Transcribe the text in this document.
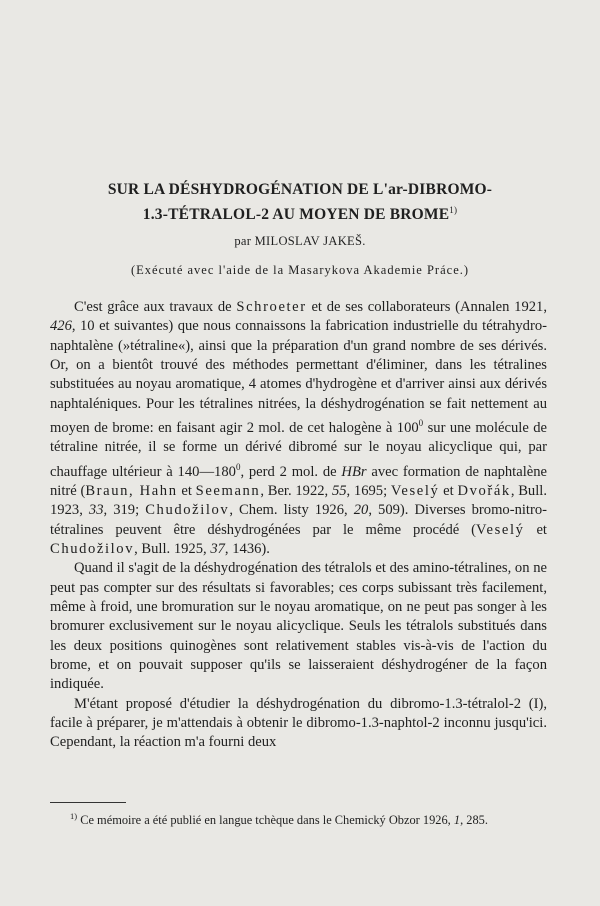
SUR LA DÉSHYDROGÉNATION DE L'ar-DIBROMO-
1.3-TÉTRALOL-2 AU MOYEN DE BROME$^{1)}$
par MILOSLAV JAKEŠ.
(Exécuté avec l'aide de la Masarykova Akademie Práce.)

C'est grâce aux travaux de Schroeter et de ses collaborateurs (Annalen 1921, 426, 10 et suivantes) que nous connaissons la fabrication industrielle du tétrahydro-naphtalène (»tétraline«), ainsi que la préparation d'un grand nombre de ses dérivés. Or, on a bientôt trouvé des méthodes permettant d'éliminer, dans les tétralines substituées au noyau aromatique, 4 atomes d'hydrogène et d'arriver ainsi aux dérivés naphtaléniques. Pour les tétralines nitrées, la déshydrogénation se fait nettement au moyen de brome: en faisant agir 2 mol. de cet halogène à $100^0$ sur une molécule de tétraline nitrée, il se forme un dérivé dibromé sur le noyau alicyclique qui, par chauffage ultérieur à $140—180^0$, perd 2 mol. de HBr avec formation de naphtalène nitré (Braun, Hahn et Seemann, Ber. 1922, 55, 1695; Veselý et Dvořák, Bull. 1923, 33, 319; Chudožilov, Chem. listy 1926, 20, 509). Diverses bromo-nitro-tétralines peuvent être déshydrogénées par le même procédé (Veselý et Chudožilov, Bull. 1925, 37, 1436).

Quand il s'agit de la déshydrogénation des tétralols et des amino-tétralines, on ne peut pas compter sur des résultats si favorables; ces corps subissant très facilement, même à froid, une bromuration sur le noyau aromatique, on ne peut pas songer à les bromurer exclusivement sur le noyau alicyclique. Seuls les tétralols substitués dans les deux positions quinogènes sont relativement stables vis-à-vis de l'action du brome, et on pouvait supposer qu'ils se laisseraient déshydrogéner de la façon indiquée.

M'étant proposé d'étudier la déshydrogénation du dibromo-1.3-tétralol-2 (I), facile à préparer, je m'attendais à obtenir le dibromo-1.3-naphtol-2 inconnu jusqu'ici. Cependant, la réaction m'a fourni deux

$^{1)}$ Ce mémoire a été publié en langue tchèque dans le Chemický Obzor 1926, 1, 285.
